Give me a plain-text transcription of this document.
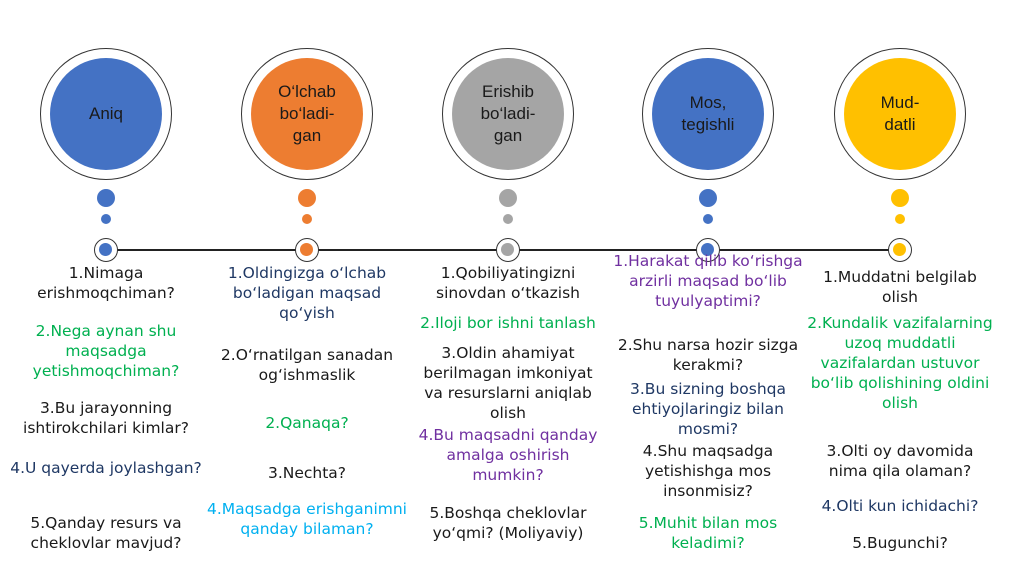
Aniq
1.Nimaga erishmoqchiman?
2.Nega aynan shu maqsadga yetishmoqchiman?
3.Bu jarayonning ishtirokchilari kimlar?
4.U qayerda joylashgan?
5.Qanday resurs va cheklovlar mavjud?
O‘lchab
bo‘ladi-
gan
1.Oldingizga o‘lchab bo‘ladigan maqsad qo‘yish
2.O‘rnatilgan sanadan og‘ishmaslik
2.Qanaqa?
3.Nechta?
4.Maqsadga erishganimni qanday bilaman?
Erishib
bo‘ladi-
gan
1.Qobiliyatingizni sinovdan o‘tkazish
2.Iloji bor ishni tanlash
3.Oldin ahamiyat berilmagan imkoniyat va resurslarni aniqlab olish
4.Bu maqsadni qanday amalga oshirish mumkin?
5.Boshqa cheklovlar yo‘qmi? (Moliyaviy)
Mos,
tegishli
1.Harakat qilib ko‘rishga arzirli maqsad bo‘lib tuyulyaptimi?
2.Shu narsa hozir sizga kerakmi?
3.Bu sizning boshqa ehtiyojlaringiz bilan mosmi?
4.Shu maqsadga yetishishga mos insonmisiz?
5.Muhit bilan mos keladimi?
Mud-
datli
1.Muddatni belgilab olish
2.Kundalik vazifalarning uzoq muddatli vazifalardan ustuvor bo‘lib qolishining oldini olish
3.Olti oy davomida nima qila olaman?
4.Olti kun ichidachi?
5.Bugunchi?
